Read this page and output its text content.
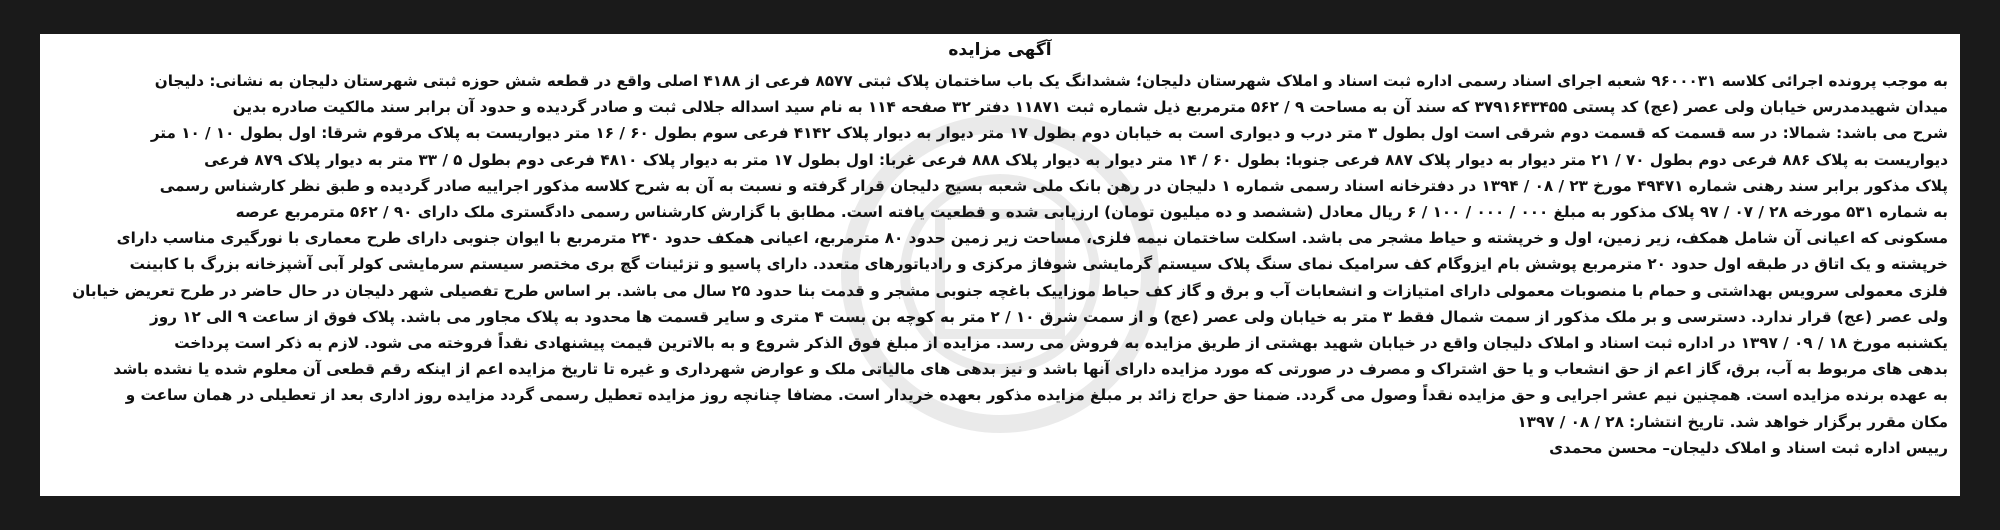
آگهی مزایده
به موجب پرونده اجرائی کلاسه ۹۶۰۰۰۳۱ شعبه اجرای اسناد رسمی اداره ثبت اسناد و املاک شهرستان دلیجان؛ ششدانگ یک باب ساختمان پلاک ثبتی ۸۵۷۷ فرعی از ۴۱۸۸ اصلی واقع در قطعه شش حوزه ثبتی شهرستان دلیجان به نشانی: دلیجان
میدان شهیدمدرس خیابان ولی عصر (عج) کد پستی ۳۷۹۱۶۴۳۴۵۵ که سند آن به مساحت ۹ / ۵۶۲ مترمربع ذیل شماره ثبت ۱۱۸۷۱ دفتر ۳۲ صفحه ۱۱۴ به نام سید اسداله جلالی ثبت و صادر گردیده و حدود آن برابر سند مالکیت صادره بدین
شرح می باشد: شمالا: در سه قسمت که قسمت دوم شرقی است اول بطول ۳ متر درب و دیواری است به خیابان دوم بطول ۱۷ متر دیوار به دیوار پلاک ۴۱۴۲ فرعی سوم بطول ۶۰ / ۱۶ متر دیواریست به پلاک مرقوم شرقا: اول بطول ۱۰ / ۱۰ متر
دیواریست به پلاک ۸۸۶ فرعی دوم بطول ۷۰ / ۲۱ متر دیوار به دیوار پلاک ۸۸۷ فرعی جنوبا: بطول ۶۰ / ۱۴ متر دیوار به دیوار پلاک ۸۸۸ فرعی غربا: اول بطول ۱۷ متر به دیوار پلاک ۴۸۱۰ فرعی دوم بطول ۵ / ۳۳ متر به دیوار پلاک ۸۷۹ فرعی
پلاک مذکور برابر سند رهنی شماره ۴۹۴۷۱ مورخ ۲۳ / ۰۸ / ۱۳۹۴ در دفترخانه اسناد رسمی شماره ۱ دلیجان در رهن بانک ملی شعبه بسیج دلیجان قرار گرفته و نسبت به آن به شرح کلاسه مذکور اجراییه صادر گردیده و طبق نظر کارشناس رسمی
به شماره ۵۳۱ مورخه ۲۸ / ۰۷ / ۹۷ پلاک مذکور به مبلغ ۰۰۰ / ۰۰۰ / ۱۰۰ / ۶ ریال معادل (ششصد و ده میلیون تومان) ارزیابی شده و قطعیت یافته است. مطابق با گزارش کارشناس رسمی دادگستری ملک دارای ۹۰ / ۵۶۲ مترمربع عرصه
مسکونی که اعیانی آن شامل همکف، زیر زمین، اول و خرپشته و حیاط مشجر می باشد. اسکلت ساختمان نیمه فلزی، مساحت زیر زمین حدود ۸۰ مترمربع، اعیانی همکف حدود ۲۴۰ مترمربع با ایوان جنوبی دارای طرح معماری با نورگیری مناسب دارای
خرپشته و یک اتاق در طبقه اول حدود ۲۰ مترمربع پوشش بام ایزوگام کف سرامیک نمای سنگ پلاک سیستم گرمایشی شوفاژ مرکزی و رادیاتورهای متعدد. دارای پاسیو و تزئینات گچ بری مختصر سیستم سرمایشی کولر آبی آشپزخانه بزرگ با کابینت
فلزی معمولی سرویس بهداشتی و حمام با منصوبات معمولی دارای امتیازات و انشعابات آب و برق و گاز کف حیاط موزاییک باغچه جنوبی مشجر و قدمت بنا حدود ۲۵ سال می باشد. بر اساس طرح تفصیلی شهر دلیجان در حال حاضر در طرح تعریض خیابان
ولی عصر (عج) قرار ندارد. دسترسی و بر ملک مذکور از سمت شمال فقط ۳ متر به خیابان ولی عصر (عج) و از سمت شرق ۱۰ / ۲ متر به کوچه بن بست ۴ متری و سایر قسمت ها محدود به پلاک مجاور می باشد. پلاک فوق از ساعت ۹ الی ۱۲ روز
یکشنبه مورخ ۱۸ / ۰۹ / ۱۳۹۷ در اداره ثبت اسناد و املاک دلیجان واقع در خیابان شهید بهشتی از طریق مزایده به فروش می رسد. مزایده از مبلغ فوق الذکر شروع و به بالاترین قیمت پیشنهادی نقداً فروخته می شود. لازم به ذکر است پرداخت
بدهی های مربوط به آب، برق، گاز اعم از حق انشعاب و یا حق اشتراک و مصرف در صورتی که مورد مزایده دارای آنها باشد و نیز بدهی های مالیاتی ملک و عوارض شهرداری و غیره تا تاریخ مزایده اعم از اینکه رقم قطعی آن معلوم شده یا نشده باشد
به عهده برنده مزایده است. همچنین نیم عشر اجرایی و حق مزایده نقداً وصول می گردد. ضمنا حق حراج زائد بر مبلغ مزایده مذکور بعهده خریدار است. مضافا چنانچه روز مزایده تعطیل رسمی گردد مزایده روز اداری بعد از تعطیلی در همان ساعت و
مکان مقرر برگزار خواهد شد. تاریخ انتشار: ۲۸ / ۰۸ / ۱۳۹۷
رییس اداره ثبت اسناد و املاک دلیجان– محسن محمدی
